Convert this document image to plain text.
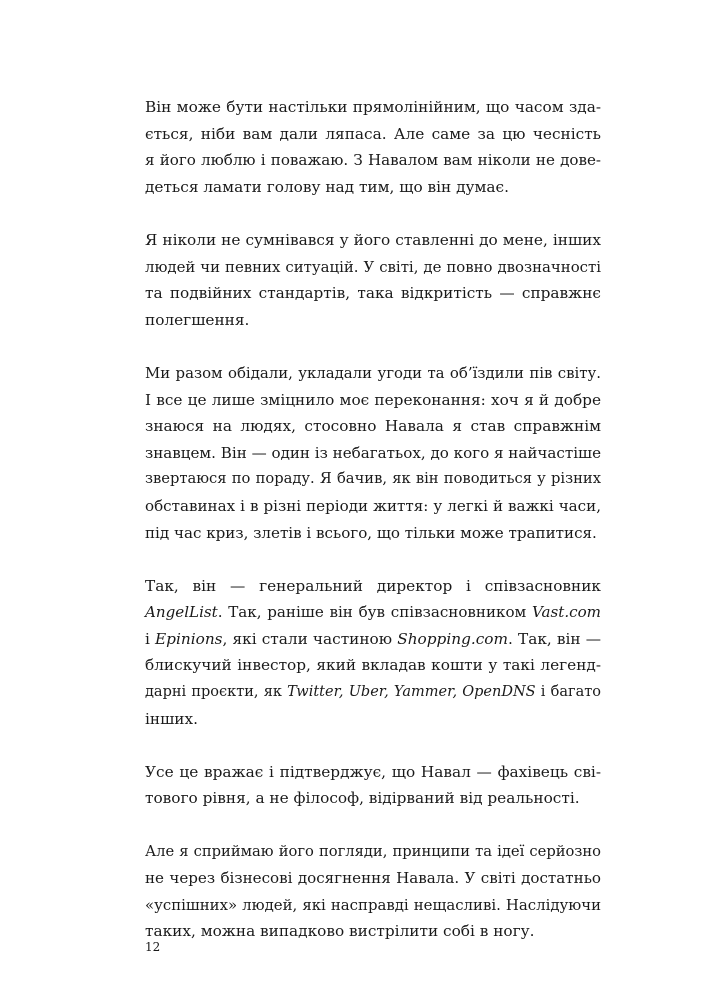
Він може бути настільки прямолінійним, що часом зда-
ється, ніби вам дали ляпаса. Але саме за цю чесність
я його люблю і поважаю. З Навалом вам ніколи не дове-
деться ламати голову над тим, що він думає.

Я ніколи не сумнівався у його ставленні до мене, інших
людей чи певних ситуацій. У світі, де повно двозначності
та подвійних стандартів, така відкритість — справжнє
полегшення.

Ми разом обідали, укладали угоди та об’їздили пів світу.
І все це лише зміцнило моє переконання: хоч я й добре
знаюся на людях, стосовно Навала я став справжнім
знавцем. Він — один із небагатьох, до кого я найчастіше
звертаюся по пораду. Я бачив, як він поводиться у різних
обставинах і в різні періоди життя: у легкі й важкі часи,
під час криз, злетів і всього, що тільки може трапитися.

Так, він — генеральний директор і співзасновник
AngelList. Так, раніше він був співзасновником Vast.com
і Epinions, які стали частиною Shopping.com. Так, він —
блискучий інвестор, який вкладав кошти у такі легенд-
дарні проєкти, як Twitter, Uber, Yammer, OpenDNS і багато
інших.

Усе це вражає і підтверджує, що Навал — фахівець сві-
тового рівня, а не філософ, відірваний від реальності.

Але я сприймаю його погляди, принципи та ідеї серйозно
не через бізнесові досягнення Навала. У світі достатньо
«успішних» людей, які насправді нещасливі. Наслідуючи
таких, можна випадково вистрілити собі в ногу.

12
